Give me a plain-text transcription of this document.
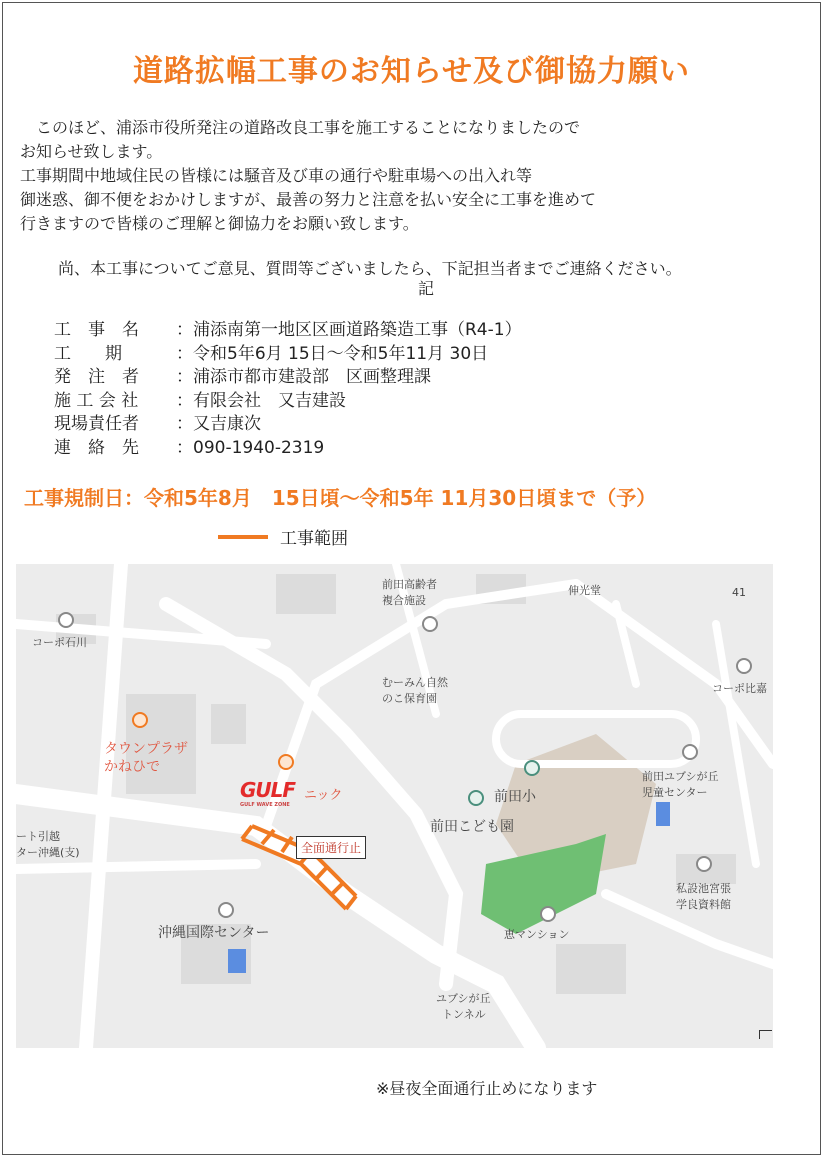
道路拡幅工事のお知らせ及び御協力願い
　このほど、浦添市役所発注の道路改良工事を施工することになりましたので
お知らせ致します。
工事期間中地域住民の皆様には騒音及び車の通行や駐車場への出入れ等
御迷惑、御不便をおかけしますが、最善の努力と注意を払い安全に工事を進めて
行きますので皆様のご理解と御協力をお願い致します。
尚、本工事についてご意見、質問等ございましたら、下記担当者までご連絡ください。
記
工　事　名	：浦添南第一地区区画道路築造工事（R4-1）
工　　期	：令和5年6月 15日～令和5年11月 30日
発　注　者	：浦添市都市建設部　区画整理課
施 工 会 社	：有限会社　又吉建設
現場責任者	：又吉康次
連　絡　先	：090-1940-2319
工事規制日：令和5年8月　15日頃～令和5年 11月30日頃まで（予）
工事範囲
コーポ石川
前田高齢者
複合施設
伸光堂	41
むーみん自然
のこ保育園
コーポ比嘉
タウンプラザ
かねひで
GULF
GULF WAVE ZONE
ニック	前田小
前田ユブシが丘
児童センター
前田こども園
ート引越
ター沖縄(支)	全面通行止
私設池宮張
学良資料館
沖縄国際センター	恵マンション
ユブシが丘
トンネル
※昼夜全面通行止めになります
